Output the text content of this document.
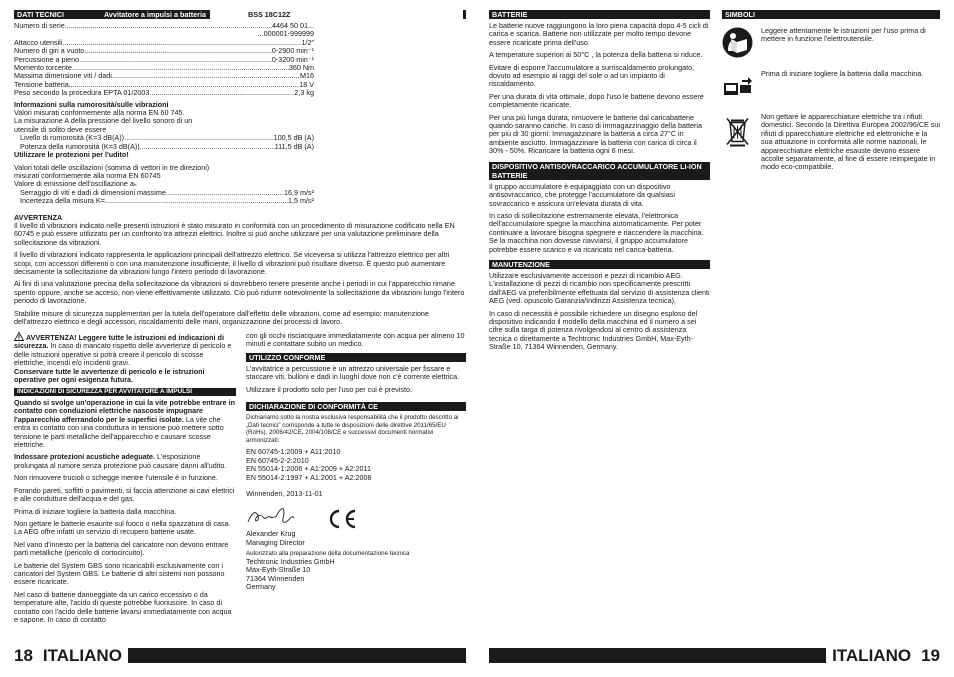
DATI TECNICI	Avvitatore a impulsi a batteria	BSS 18C12Z
Numero di serie .....	4464 50 01...
...000001-999999
Attacco utensili .....	1/2"
Numero di giri a vuoto .....	0-2900 min⁻¹
Percussione a pieno .....	0-3200 min⁻¹
Momento torcente .....	360 Nm
Massima dimensione viti / dadi .....	M16
Tensione batteria .....	18 V
Peso secondo la procedura EPTA 01/2003 .....	2,3 kg
Informazioni sulla rumorosità/sulle vibrazioni
Valori misurati conformemente alla norma EN 60 745.
La misurazione A della pressione del livello sonoro di un
utensile di solito deve essere
Livello di rumorosità (K=3 dB(A)) .....	100,5 dB (A)
Potenza della rumorosità (K=3 dB(A)) .....	111,5 dB (A)
Utilizzare le protezioni per l'udito!
Valori totali delle oscillazioni (somma di vettori in tre direzioni)
misurati conformemente alla norma EN 60745
Valore di emissione dell'oscillazione aₕ
Serraggio di viti e dadi di dimensioni massime .....	16,9 m/s²
Incertezza della misura K= .....	1,5 m/s²
AVVERTENZA

Il livello di vibrazioni indicato nelle presenti istruzioni è stato misurato in conformità con un procedimento di misurazione codificato nella EN 60745 e può essere utilizzato per un confronto tra attrezzi elettrici. Inoltre si può anche utilizzare per una valutazione preliminare della sollecitazione da vibrazioni.

Il livello di vibrazioni indicato rappresenta le applicazioni principali dell'attrezzo elettrico. Se viceversa si utilizza l'attrezzo elettrico per altri scopi, con accessori differenti o con una manutenzione insufficiente, il livello di vibrazioni può risultare diverso. È questo può aumentare decisamente la sollecitazione da vibrazioni lungo l'intero periodo di lavorazione.

Ai fini di una valutazione precisa della sollecitazione da vibrazioni si dovrebbero tenere presente anche i periodi in cui l'apparecchio rimane spento oppure, anche se acceso, non viene effettivamente utilizzato. Ciò può ridurre notevolmente la sollecitazione da vibrazioni lungo l'intero periodo di lavorazione.

Stabilite misure di sicurezza supplementari per la tutela dell'operatore dall'effetto delle vibrazioni, come ad esempio: manutenzione dell'attrezzo elettrico e degli accessori, riscaldamento delle mani, organizzazione dei processi di lavoro.

AVVERTENZA! Leggere tutte le istruzioni ed indicazioni di sicurezza. In caso di mancato rispetto delle avvertenze di pericolo e delle istruzioni operative si potrà creare il pericolo di scosse elettriche, incendi e/o incidenti gravi.
Conservare tutte le avvertenze di pericolo e le istruzioni operative per ogni esigenza futura.

INDICAZIONI DI SICUREZZA PER AVVITATORE A IMPULSI

Quando si svolge un'operazione in cui la vite potrebbe entrare in contatto con conduzioni elettriche nascoste impugnare l'apparecchio afferrandolo per le superfici isolate. La vite che entra in contatto con una conduttura in tensione può mettere sotto tensione le parti metalliche dell'apparecchio e causare scosse elettriche.

Indossare protezioni acustiche adeguate. L'esposizione prolungata al rumore senza protezione può causare danni all'udito.

Non rimuovere trucioli o schegge mentre l'utensile è in funzione.

Forando pareti, soffitti o pavimenti, si faccia attenzione ai cavi elettrici e alle condutture dell'acqua e del gas.

Prima di iniziare togliere la batteria dalla macchina.

Non gettare le batterie esaurite sul fuoco o nella spazzatura di casa. La AEG offre infatti un servizio di recupero batterie usate.

Nel vano d'innesto per la batteria del caricatore non devono entrare parti metalliche (pericolo di cortocircuito).

Le batterie del System GBS sono ricaricabili esclusivamente con i caricatori del System GBS. Le batterie di altri sistemi non possono essere ricaricate.

Nel caso di batterie danneggiate da un carico eccessivo o da temperature alte, l'acido di queste potrebbe fuoriuscire. In caso di contatto con l'acido delle batterie lavarsi immediatamente con acqua e sapone. In caso di contatto

con gli occhi risciacquare immediatamente con acqua per almeno 10 minuti e contattare subito un medico.

UTILIZZO CONFORME

L'avvitatrice a percussione è un attrezzo universale per fissare e staccare viti, bulloni e dadi in luoghi dove non c'è corrente elettrica.

Utilizzare il prodotto solo per l'uso per cui è previsto.

DICHIARAZIONE DI CONFORMITÀ CE

Dichiariamo sotto la nostra esclusiva responsabilità che il prodotto descritto ai „Dati tecnici" corrisponde a tutte le disposizioni delle direttive 2011/65/EU (RoHs), 2006/42/CE, 2004/108/CE e successivi documenti normativi armonizzati:

EN 60745-1:2009 + A11:2010
EN 60745-2-2:2010
EN 55014-1:2006 + A1:2009 + A2:2011
EN 55014-2:1997 + A1:2001 + A2:2008
Winnenden, 2013-11-01
Alexander Krug
Managing Director
Autorizzato alla preparazione della documentazione tecnica
Techtronic Industries GmbH
Max-Eyth-Straße 10
71364 Winnenden
Germany
18 ITALIANO
BATTERIE

Le batterie nuove raggiungono la loro piena capacità dopo 4-5 cicli di carica e scarica. Batterie non utilizzate per molto tempo devone essere ricaricate prima dell'uso.

A temperature superiori ai 50°C , la potenza della batteria si riduce.

Evitare di esporre l'accumulatore a surriscaldamento prolungato, dovuto ad esempio ai raggi del sole o ad un impianto di riscaldamento.

Per una durata di vita ottimale, dopo l'uso le batterie devono essere completamente ricaricate.

Per una più lunga durata, rimuovere le batterie dal caricabatterie quando saranno cariche. In caso di immagazzinaggio della batteria per più di 30 giorni: Immagazzinare la batteria a circa 27°C in ambiente asciutto. Immagazzinare la batteria con carica di circa il 30% - 50%. Ricaricare la batteria ogni 6 mesi.

DISPOSITIVO ANTISOVRACCARICO ACCUMULATORE LI-ION BATTERIE

Il gruppo accumulatore è equipaggiato con un dispositivo antisovraccarico, che protegge l'accumulatore da qualsiasi sovraccarico e assicura un'elevata durata di vita.

In caso di sollecitazione estremamente elevata, l'elettronica dell'accumulatore spegne la macchina automaticamente. Per poter continuare a lavorare bisogna spegnere e riaccendere la macchina. Se la macchina non dovesse riavviarsi, il gruppo accumulatore potrebbe essere scarico e va ricaricato nel carica-batteria.

MANUTENZIONE

Utilizzare esclusivamente accessori e pezzi di ricambio AEG. L'installazione di pezzi di ricambio non specificamente prescritti dall'AEG va preferibilmente effettuata dal servizio di assistenza clienti AEG (ved. opuscolo Garanzia/Indirizzi Assistenza tecnica).

In caso di necessità è possibile richiedere un disegno esploso del dispositivo indicando il modello della macchina ed il numero a sei cifre sulla targa di potenza rivolgendosi al centro di assistenza tecnica o direttamente a Techtronic Industries GmbH, Max-Eyth-Straße 10, 71364 Winnenden, Germany.

SIMBOLI
Leggere attentamente le istruzioni per l'uso prima di mettere in funzione l'elettroutensile.
Prima di iniziare togliere la batteria dalla macchina.
Non gettare le apparecchiature elettriche tra i rifiuti domestici. Secondo la Direttiva Europea 2002/96/CE sui rifiuti di pparecchiature elettriche ed elettroniche e la sua attuazione in conformità alle norme nazionali, le apparecchiature elettriche esauste devono essere accolte separatamente, al fine di essere reimpiegate in modo eco-compatibile.
ITALIANO 19
